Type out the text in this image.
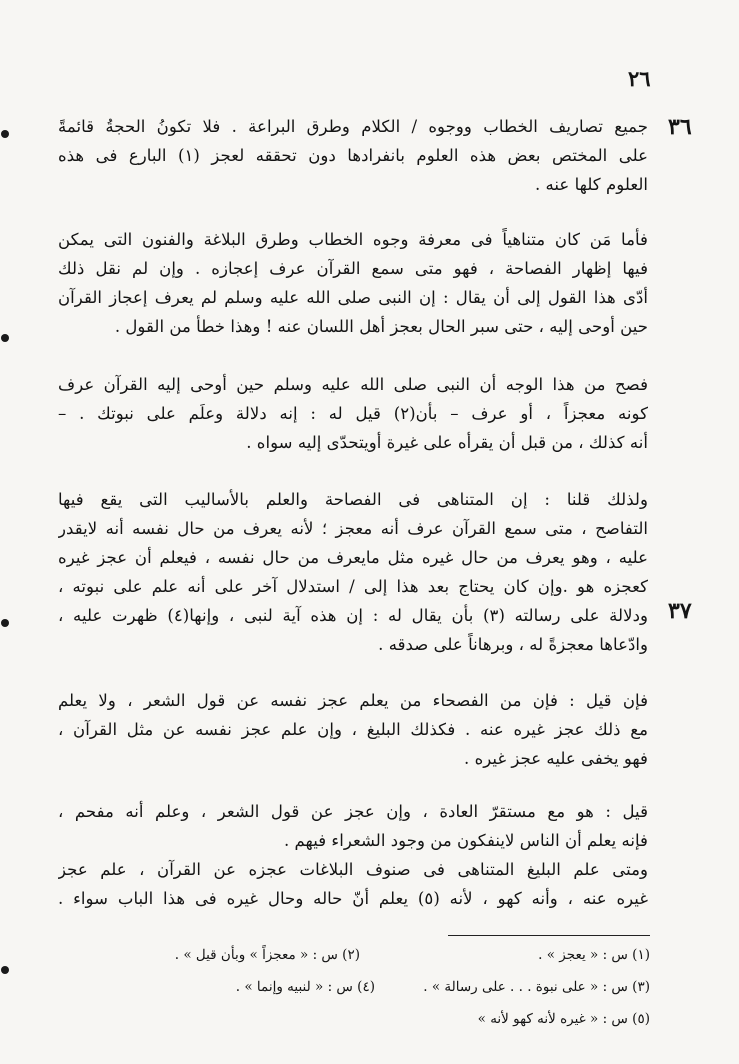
٢٦
٣٦
٣٧
جميع تصاريف الخطاب ووجوه / الكلام وطرق البراعة . فلا تكونُ الحجةُ قائمةً
على المختص بعض هذه العلوم بانفرادها دون تحققه لعجز (١) البارع فى هذه
العلوم كلها عنه .
فأما مَن كان متناهياً فى معرفة وجوه الخطاب وطرق البلاغة والفنون التى يمكن
فيها إظهار الفصاحة ، فهو متى سمع القرآن عرف إعجازه . وإن لم نقل ذلك
أدّى هذا القول إلى أن يقال : إن النبى صلى الله عليه وسلم لم يعرف إعجاز القرآن
حين أوحى إليه ، حتى سبر الحال بعجز أهل اللسان عنه ! وهذا خطأ من القول .
فصح من هذا الوجه أن النبى صلى الله عليه وسلم حين أوحى إليه القرآن عرف
كونه معجزاً ، أو عرف – بأن(٢) قيل له : إنه دلالة وعلَم على نبوتك . –
أنه كذلك ، من قبل أن يقرأه على غيرة أويتحدّى إليه سواه .
ولذلك قلنا : إن المتناهى فى الفصاحة والعلم بالأساليب التى يقع فيها
التفاصح ، متى سمع القرآن عرف أنه معجز ؛ لأنه يعرف من حال نفسه أنه لايقدر
عليه ، وهو يعرف من حال غيره مثل مايعرف من حال نفسه ، فيعلم أن عجز غيره
كعجزه هو .وإن كان يحتاج بعد هذا إلى / استدلال آخر على أنه علم على نبوته ،
ودلالة على رسالته (٣) بأن يقال له : إن هذه آية لنبى ، وإنها(٤) ظهرت عليه ،
وادّعاها معجزةً له ، وبرهاناً على صدقه .
فإن قيل : فإن من الفصحاء من يعلم عجز نفسه عن قول الشعر ، ولا يعلم
مع ذلك عجز غيره عنه . فكذلك البليغ ، وإن علم عجز نفسه عن مثل القرآن ،
فهو يخفى عليه عجز غيره .
قيل : هو مع مستقرّ العادة ، وإن عجز عن قول الشعر ، وعلم أنه مفحم ،
فإنه يعلم أن الناس لاينفكون من وجود الشعراء فيهم .
ومتى علم البليغ المتناهى فى صنوف البلاغات عجزه عن القرآن ، علم عجز
غيره عنه ، وأنه كهو ، لأنه (٥) يعلم أنّ حاله وحال غيره فى هذا الباب سواء .
(١) س : « يعجز » .
(٢) س : « معجزاً » وبأن قيل » .
(٣) س : « على نبوة . . . على رسالة » .
(٤) س : « لنبيه وإنما » .
(٥) س : « غيره لأنه كهو لأنه »
